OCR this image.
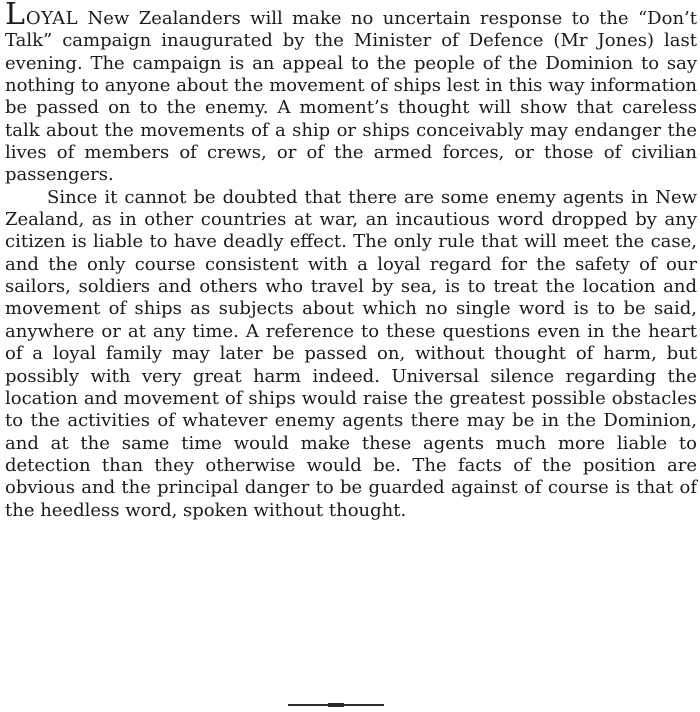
LOYAL New Zealanders will make no uncertain response to the “Don’t Talk” campaign inaugurated by the Minister of Defence (Mr Jones) last evening. The campaign is an appeal to the people of the Dominion to say nothing to anyone about the movement of ships lest in this way information be passed on to the enemy. A moment’s thought will show that careless talk about the movements of a ship or ships conceivably may endanger the lives of members of crews, or of the armed forces, or those of civilian passengers.

Since it cannot be doubted that there are some enemy agents in New Zealand, as in other countries at war, an incautious word dropped by any citizen is liable to have deadly effect. The only rule that will meet the case, and the only course consistent with a loyal regard for the safety of our sailors, soldiers and others who travel by sea, is to treat the location and movement of ships as subjects about which no single word is to be said, anywhere or at any time. A reference to these questions even in the heart of a loyal family may later be passed on, without thought of harm, but possibly with very great harm indeed. Universal silence regarding the location and movement of ships would raise the greatest possible obstacles to the activities of whatever enemy agents there may be in the Dominion, and at the same time would make these agents much more liable to detection than they otherwise would be. The facts of the position are obvious and the principal danger to be guarded against of course is that of the heedless word, spoken without thought.
